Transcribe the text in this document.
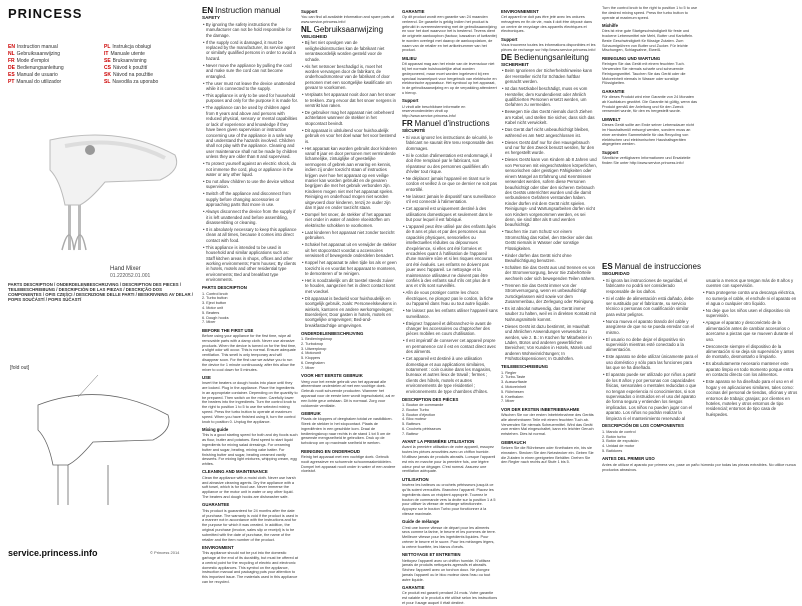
PRINCESS
EN Instruction manual
NL Gebruiksaanwijzing
FR Mode d'emploi
DE Bedienungsanleitung
ES Manual de usuario
PT Manual do utilizador
PL Instrukcja obsługi
IT Manuale utente
SE Bruksanvisning
CS Návod k použití
SK Návod na použitie
SL Navodila za uporabo
Hand Mixer
01.222052.01.001
PARTS DESCRIPTION / ONDERDELENBESCHRIJVING / DESCRIPTION DES PIECES / TEILEBESCHREIBUNG / DESCRIPCIÓN DE LAS PIEZAS / DESCRIÇÃO DOS COMPONENTES / OPIS CZĘŚCI / DESCRIZIONE DELLE PARTI / BESKRIVNING AV DELAR / POPIS SOUČÁSTÍ / POPIS SÚČASTÍ
[fold out]
service.princess.info	© Princess 2014
EN Instruction manual
SAFETY

• By ignoring the safety instructions the manufacturer can not be hold responsible for the damage.

• If the supply cord is damaged, it must be replaced by the manufacturer, its service agent or similarly qualified persons in order to avoid a hazard.

• Never move the appliance by pulling the cord and make sure the cord can not become entangled.

• The user must not leave the device unattended while it is connected to the supply.

• This appliance is only to be used for household purposes and only for the purpose it is made for.

• The appliance can be used by children aged from 8 years and above and persons with reduced physical, sensory or mental capabilities or lack of experience and knowledge if they have been given supervision or instruction concerning use of the appliance in a safe way and understand the hazards involved. Children shall not play with the appliance. Cleaning and user maintenance shall not be made by children unless they are older than 8 and supervised.

• To protect yourself against an electric shock, do not immerse the cord, plug or appliance in the water or any other liquid.

• Do not allow children to use the device without supervision.

• Switch off the appliance and disconnect from supply before changing accessories or approaching parts that move in use.

• Always disconnect the device from the supply if it is left unattended and before assembling, disassembling or cleaning.

• It is absolutely necessary to keep this appliance clean at all times, because it comes into direct contact with food.

• This appliance is intended to be used in household and similar applications such as: Staff kitchen areas in shops, offices and other working environments; Farm houses; By clients in hotels, motels and other residential type environments; Bed and breakfast type environments.

PARTS DESCRIPTION
1. Control knob
2. Turbo button
3. Eject button
4. Motor unit
5. Beaters
6. Dough hooks
7. Mixer
BEFORE THE FIRST USE

Before using your appliance for the first time, wipe all removable parts with a damp cloth. Never use abrasive products. When the device is turned on for the first time, a slight odor will occur. This is normal. Ensure adequate ventilation. This smell is only temporary and will disappear soon. For the first use we advise you to run the device for 1 minute continuously, after this allow the mixer to cool down for 5 minutes.

USE

Insert the beaters or dough hooks into place until they are locked. Plug in the appliance. Place the ingredients in an appropriate container. Depending on the quantity to be prepared. Then switch on the mixer. Carefully lower the beaters into the ingredients. Turn the control knob to the right to position 1 to 5 to use the selected mixing speed. Press the turbo button to operate at maximum speed. When you have finished using it, turn the control knob to position 0. Unplug the appliance.

Mixing guide

This is a good starting speed for both and dry foods such as flour, butter and potatoes. Best speed to start liquid ingredients for mixing salad dressings. For creaming butter and sugar, beating, mixing cake batter. For finishing butter and sugar, beating creamed vanity desserts. For mixing light mixtures, whipping cream, egg whites.

CLEANING AND MAINTENANCE

Clean the appliance with a moist cloth. Never use harsh and abrasive cleaning agents. Dry the appliance with a soft towel, which is for food use. Never immerse the appliance or the motor unit in water or any other liquid. The beaters and dough hooks are dishwasher safe.

GUARANTEE

This product is guaranteed for 24 months after the date of purchase. The warranty is void if the product is used in a manner not in accordance with the instructions and for the purpose for which it was created. In addition, the original purchase (invoice, sales slip or receipt) is to be submitted with the date of purchase, the name of the retailer and the item number of the product.

ENVIRONMENT

This appliance should not be put into the domestic garbage at the end of its durability, but must be offered at a central point for the recycling of electric and electronic domestic appliances. This symbol on the appliance, instruction manual and packaging puts your attention to this important issue. The materials used in this appliance can be recycled.

Support

You can find all available information and spare parts at www.service.princess.info!

NL Gebruiksaanwijzing
VEILIGHEID

• Bij het niet opvolgen van de veiligheidsinstructies kan de fabrikant niet verantwoordelijk worden gesteld voor de schade.

• Als het netsnoer beschadigd is, moet het worden vervangen door de fabrikant, de onderhoudsmonteur van de fabrikant of door personen met een soortgelijke kwalificatie om gevaar te voorkomen.

• Verplaats het apparaat nooit door aan het snoer te trekken. Zorg ervoor dat het snoer nergens in verstrikt kan raken.

• De gebruiker mag het apparaat niet onbeheerd achterlaten wanneer de stekker in het stopcontact bevindt.

• Dit apparaat is uitsluitend voor huishoudelijk gebruik en voor het doel waar het voor bestemd is.

• Het apparaat kan worden gebruikt door kinderen vanaf 8 jaar en door personen met verminderde lichamelijke, zintuiglijke of geestelijke vermogens of gebrek aan ervaring en kennis, indien zij onder toezicht staan of instructies krijgen over hoe het apparaat op een veilige manier kan worden gebruikt en de gevaren begrijpen die met het gebruik verbonden zijn. Kinderen mogen niet met het apparaat spelen. Reiniging en onderhoud mogen niet worden uitgevoerd door kinderen, tenzij ze ouder zijn dan 8 jaar en onder toezicht staan.

• Dompel het snoer, de stekker of het apparaat niet onder in water of andere vloeistoffen om elektrische schokken te voorkomen.

• Laat kinderen het apparaat niet zonder toezicht gebruiken.

• Schakel het apparaat uit en verwijder de stekker uit het stopcontact voordat u accessoires verwisselt of bewegende onderdelen benadert.

• Koppel het apparaat te allen tijde los als er geen toezicht is en voordat het apparaat te monteren, te demonteren of te reinigen.

• Het is noodzakelijk om dit toestel steeds zuiver te houden, aangezien het in direct contact komt met voedsel.

• Dit apparaat is bedoeld voor huishoudelijk en soortgelijk gebruik, zoals: Personeelskeukens in winkels, kantoren en andere werkomgevingen; Boerderijen; Door gasten in hotels, motels en soortgelijke omgevingen; Bed-and-breakfastachtige omgevingen.

ONDERDELENBESCHRIJVING
1. Bedieningsknop
2. Turboknop
3. Uitwerpknop
4. Motorunit
5. Kloppers
6. Deeghaken
7. Mixer
VOOR HET EERSTE GEBRUIK

Veeg voor het eerste gebruik van het apparaat alle afneembare onderdelen af met een vochtige doek. Gebruik nooit schurende producten. Wanneer het apparaat voor de eerste keer wordt ingeschakeld, zal er een lichte geur ontstaan. Dit is normaal. Zorg voor voldoende ventilatie.

GEBRUIK

Plaats de kloppers of deeghaken totdat ze vastklikken. Steek de stekker in het stopcontact. Plaats de ingrediënten in een geschikte kom. Draai de bedieningsknop naar rechts in de stand 1 tot 5 om de gewenste mengsnelheid te gebruiken. Druk op de turboknop om op maximale snelheid te werken.

REINIGING EN ONDERHOUD

Reinig het apparaat met een vochtige doek. Gebruik nooit agressieve en schurende schoonmaakmiddelen. Dompel het apparaat nooit onder in water of een andere vloeistof.

GARANTIE

Op dit product wordt een garantie van 24 maanden verleend. De garantie is geldig indien het product is gebruikt in overeenstemming met de gebruiksaanwijzing en voor het doel waarvoor het is bestemd. Tevens dient de originele aankoopbon (factuur, kassabon of kwitantie) te worden overlegd met daarop de aankoopdatum, de naam van de retailer en het artikelnummer van het product.

MILIEU

Dit apparaat mag aan het einde van de levensduur niet bij het normale huishoudelijke afval worden gedeponeerd, maar moet worden ingeleverd bij een speciaal inzamelpunt voor hergebruik van elektrische en elektronische apparatuur. Het symbool op het apparaat, in de gebruiksaanwijzing en op de verpakking attendeert u hierop.

Support

U vindt alle beschikbare informatie en reserveonderdelen vindt op http://www.service.princess.info!

FR Manuel d'instructions
SÉCURITÉ

• Si vous ignorez les instructions de sécurité, le fabricant ne saurait être tenu responsable des dommages.

• Si le cordon d'alimentation est endommagé, il doit être remplacé par le fabricant, son réparateur ou des personnes qualifiées afin d'éviter tout risque.

• Ne déplacez jamais l'appareil en tirant sur le cordon et veillez à ce que ce dernier ne soit pas entortillé.

• Ne laissez jamais le dispositif sans surveillance s'il est connecté à l'alimentation.

• Cet appareil est uniquement destiné à des utilisations domestiques et seulement dans le but pour lequel il est fabriqué.

• L'appareil peut être utilisé par des enfants âgés de 8 ans et plus et par des personnes aux capacités physiques, sensorielles ou intellectuelles réduites ou dépourvues d'expérience, si elles ont été formées et encadrées quant à l'utilisation de l'appareil d'une manière sûre et si les risques encourus ont été évalués. Les enfants ne doivent pas jouer avec l'appareil. Le nettoyage et la maintenance utilisateur ne doivent pas être confiés à des enfants sauf s'ils ont plus de 8 ans et s'ils sont surveillés.

• Afin de vous protéger contre les chocs électriques, ne plongez pas le cordon, la fiche ou l'appareil dans l'eau ou tout autre liquide.

• Ne laissez pas les enfants utiliser l'appareil sans surveillance.

• Éteignez l'appareil et débranchez-le avant de changer les accessoires ou d'approcher des pièces mobiles en cours d'utilisation.

• Il est impératif de conserver cet appareil propre en permanence car il est en contact direct avec des aliments.

• Cet appareil est destiné à une utilisation domestique et aux applications similaires, notamment : coin cuisine dans les magasins, bureaux et autres lieux de travail ; fermes ; clients des hôtels, motels et autres environnements de type résidentiel ; environnements de type chambres d'hôtes.

DESCRIPTION DES PIÈCES
1. Bouton de commande
2. Bouton Turbo
3. Bouton d'éjection
4. Bloc moteur
5. Batteurs
6. Crochets pétrisseurs
7. Batteur
AVANT LA PREMIÈRE UTILISATION

Avant la première utilisation de votre appareil, essuyez toutes les pièces amovibles avec un chiffon humide. N'utilisez jamais de produits abrasifs. Lorsque l'appareil est mis en marche pour la première fois, une légère odeur peut se dégager. C'est normal. Assurez une ventilation adéquate.

UTILISATION

Insérez les batteurs ou crochets pétrisseurs jusqu'à ce qu'ils soient verrouillés. Branchez l'appareil. Placez les ingrédients dans un récipient approprié. Tournez le bouton de commande vers la droite sur la position 1 à 5 pour utiliser la vitesse de mélange sélectionnée. Appuyez sur le bouton Turbo pour fonctionner à la vitesse maximale.

Guide de mélange

C'est une bonne vitesse de départ pour les aliments secs comme la farine, le beurre et les pommes de terre. Meilleure vitesse pour les ingrédients liquides. Pour crémer le beurre et le sucre. Pour les mélanges légers, la crème fouettée, les blancs d'œufs.

NETTOYAGE ET ENTRETIEN

Nettoyez l'appareil avec un chiffon humide. N'utilisez jamais de produits nettoyants agressifs et abrasifs. Séchez l'appareil avec un torchon doux. Ne plongez jamais l'appareil ou le bloc moteur dans l'eau ou tout autre liquide.

GARANTIE

Ce produit est garanti pendant 24 mois. Votre garantie est valable si le produit a été utilisé selon les instructions et pour l'usage auquel il était destiné.

ENVIRONNEMENT

Cet appareil ne doit pas être jeté avec les ordures ménagères en fin de vie, mais il doit être déposé dans un centre de recyclage des appareils électriques et électroniques.

Support

Vous trouverez toutes les informations disponibles et les pièces de rechange sur http://www.service.princess.info!

DE Bedienungsanleitung
SICHERHEIT

• Beim Ignorieren der Sicherheitshinweise kann der Hersteller nicht für Schäden haftbar gemacht werden.

• Ist das Netzkabel beschädigt, muss es vom Hersteller, dem Kundendienst oder ähnlich qualifizierten Personen ersetzt werden, um Gefahren zu vermeiden.

• Bewegen Sie das Gerät niemals durch Ziehen am Kabel, und stellen Sie sicher, dass sich das Kabel nicht verwickelt.

• Das Gerät darf nicht unbeaufsichtigt bleiben, während es am Netz angeschlossen ist.

• Dieses Gerät darf nur für den Hausgebrauch und nur für den Zweck benutzt werden, für den es hergestellt wurde.

• Dieses Gerät kann von Kindern ab 8 Jahren und von Personen mit eingeschränkten körperlichen, sensorischen oder geistigen Fähigkeiten oder einem Mangel an Erfahrung und Kenntnissen verwendet werden, sofern diese Personen beaufsichtigt oder über den sicheren Gebrauch des Geräts unterrichtet wurden und die damit verbundenen Gefahren verstanden haben. Kinder dürfen mit dem Gerät nicht spielen. Reinigungs- und Wartungsarbeiten dürfen nicht von Kindern vorgenommen werden, es sei denn, sie sind älter als 8 und werden beaufsichtigt.

• Tauchen Sie zum Schutz vor einem Stromschlag das Kabel, den Stecker oder das Gerät niemals in Wasser oder sonstige Flüssigkeiten.

• Kinder dürfen das Gerät nicht ohne Beaufsichtigung benutzen.

• Schalten Sie das Gerät aus und trennen es von der Stromversorgung, bevor Sie Zubehörteile wechseln oder sich bewegenden Teilen nähern.

• Trennen Sie das Gerät immer von der Stromversorgung, wenn es unbeaufsichtigt zurückgelassen wird sowie vor dem Zusammenbau, der Zerlegung oder Reinigung.

• Es ist absolut notwendig, das Gerät immer sauber zu halten, weil es in direkten Kontakt mit Nahrungsmitteln kommt.

• Dieses Gerät ist dazu bestimmt, im Haushalt und ähnlichen Anwendungen verwendet zu werden, wie z. B.: In Küchen für Mitarbeiter in Läden, Büros und anderen gewerblichen Bereichen; Von Kunden in Hotels, Motels und anderen Wohneinrichtungen; In Frühstückspensionen; In Gutshöfen.

TEILEBESCHREIBUNG
1. Regler
2. Turbo-Taste
3. Auswurftaste
4. Motoreinheit
5. Rührbesen
6. Knethaken
7. Mixer
VOR DER ERSTEN INBETRIEBNAHME

Wischen Sie vor der ersten Inbetriebnahme des Geräts alle abnehmbaren Teile mit einem feuchten Tuch ab. Verwenden Sie niemals Scheuermittel. Wird das Gerät zum ersten Mal eingeschaltet, kann ein leichter Geruch entstehen. Dies ist normal.

GEBRAUCH

Setzen Sie die Rührbesen oder Knethaken ein, bis sie einrasten. Stecken Sie den Netzstecker ein. Geben Sie die Zutaten in einen geeigneten Behälter. Drehen Sie den Regler nach rechts auf Stufe 1 bis 5.

Turn the control knob to the right to position 1 to 5 to use the desired mixing speed. Press the turbo button to operate at maximum speed.

Mixhilfe

Dies ist eine gute Startgeschwindigkeit für feste und trockene Lebensmittel wie Mehl, Butter und Kartoffeln. Beste Geschwindigkeit für flüssige Zutaten. Zum Schaumigrühren von Butter und Zucker. Für leichte Mischungen, Schlagsahne, Eiweiß.

REINIGUNG UND WARTUNG

Reinigen Sie das Gerät mit einem feuchten Tuch. Verwenden Sie niemals scharfe und scheuernde Reinigungsmittel. Tauchen Sie das Gerät oder die Motoreinheit niemals in Wasser oder sonstige Flüssigkeiten.

GARANTIE

Für dieses Produkt wird eine Garantie von 24 Monaten ab Kaufdatum gewährt. Die Garantie ist gültig, wenn das Produkt gemäß der Anleitung und für den Zweck verwendet wurde, für den es hergestellt wurde.

UMWELT

Dieses Gerät sollte am Ende seiner Lebensdauer nicht im Haushaltsmüll entsorgt werden, sondern muss an einer zentralen Sammelstelle für das Recycling von elektrischen und elektronischen Haushaltsgeräten abgegeben werden.

Support

Sämtliche verfügbaren Informationen und Ersatzteile finden Sie unter http://www.service.princess.info!

ES Manual de instrucciones
SEGURIDAD

• Si ignora las instrucciones de seguridad, el fabricante no podrá ser considerado responsable de los daños.

• Si el cable de alimentación está dañado, debe ser sustituido por el fabricante, su servicio técnico o personas con cualificación similar para evitar peligros.

• Nunca mueva el aparato tirando del cable y asegúrese de que no se pueda enredar con el mismo.

• El usuario no debe dejar el dispositivo sin supervisión mientras esté conectado a la alimentación.

• Este aparato se debe utilizar únicamente para el uso doméstico y sólo para las funciones para las que se ha diseñado.

• El aparato puede ser utilizado por niños a partir de los 8 años y por personas con capacidades físicas, sensoriales o mentales reducidas o que no tengan experiencia ni conocimientos, si son supervisados o instruidos en el uso del aparato de forma segura y entienden los riesgos implicados. Los niños no pueden jugar con el aparato. Los niños no podrán realizar la limpieza ni el mantenimiento reservado al usuario a menos que tengan más de 8 años y cuenten con supervisión.

• Para protegerse contra una descarga eléctrica, no sumerja el cable, el enchufe ni el aparato en el agua o cualquier otro líquido.

• No deje que los niños usen el dispositivo sin supervisión.

• Apague el aparato y desconéctelo de la alimentación antes de cambiar accesorios o acercarse a piezas que se mueven durante el uso.

• Desconecte siempre el dispositivo de la alimentación si se deja sin supervisión y antes de montarlo, desmontarlo o limpiarlo.

• Es absolutamente necesario mantener este aparato limpio en todo momento porque entra en contacto directo con los alimentos.

• Este aparato se ha diseñado para el uso en el hogar y en aplicaciones similares, tales como: cocinas del personal de tiendas, oficinas y otros entornos de trabajo; granjas; por clientes en hoteles, moteles y otros entornos de tipo residencial; entornos de tipo casa de huéspedes.

DESCRIPCIÓN DE LOS COMPONENTES
1. Mando de control
2. Botón turbo
3. Botón de expulsión
4. Unidad de motor
5. Batidores
ANTES DEL PRIMER USO

Antes de utilizar el aparato por primera vez, pase un paño húmedo por todas las piezas extraíbles. No utilice nunca productos abrasivos.
